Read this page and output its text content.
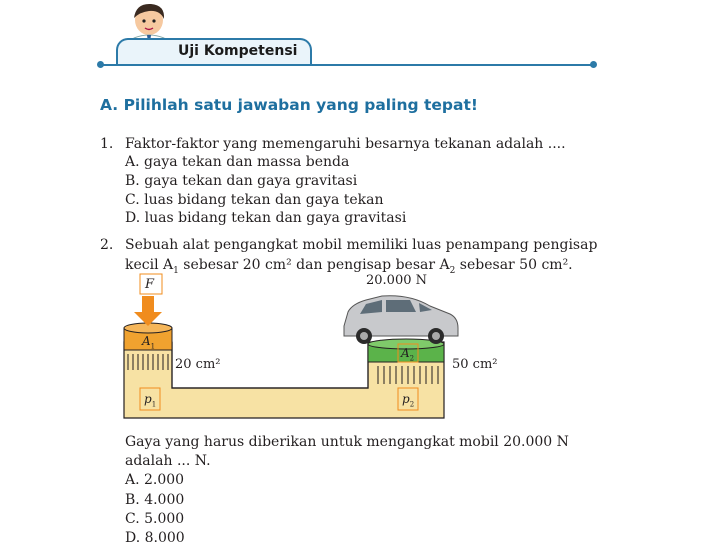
Uji Kompetensi
A. Pilihlah satu jawaban yang paling tepat!
1. Faktor-faktor yang memengaruhi besarnya tekanan adalah ....
A. gaya tekan dan massa benda
B. gaya tekan dan gaya gravitasi
C. luas bidang tekan dan gaya tekan
D. luas bidang tekan dan gaya gravitasi
2. Sebuah alat pengangkat mobil memiliki luas penampang pengisap
kecil $A_1$ sebesar 20 cm² dan pengisap besar $A_2$ sebesar 50 cm².
F
$A_1$	$A_2$
$p_1$	$p_2$
20 cm²	50 cm²
20.000 N
Gaya yang harus diberikan untuk mengangkat mobil 20.000 N
adalah ... N.
A. 2.000
B. 4.000
C. 5.000
D. 8.000
